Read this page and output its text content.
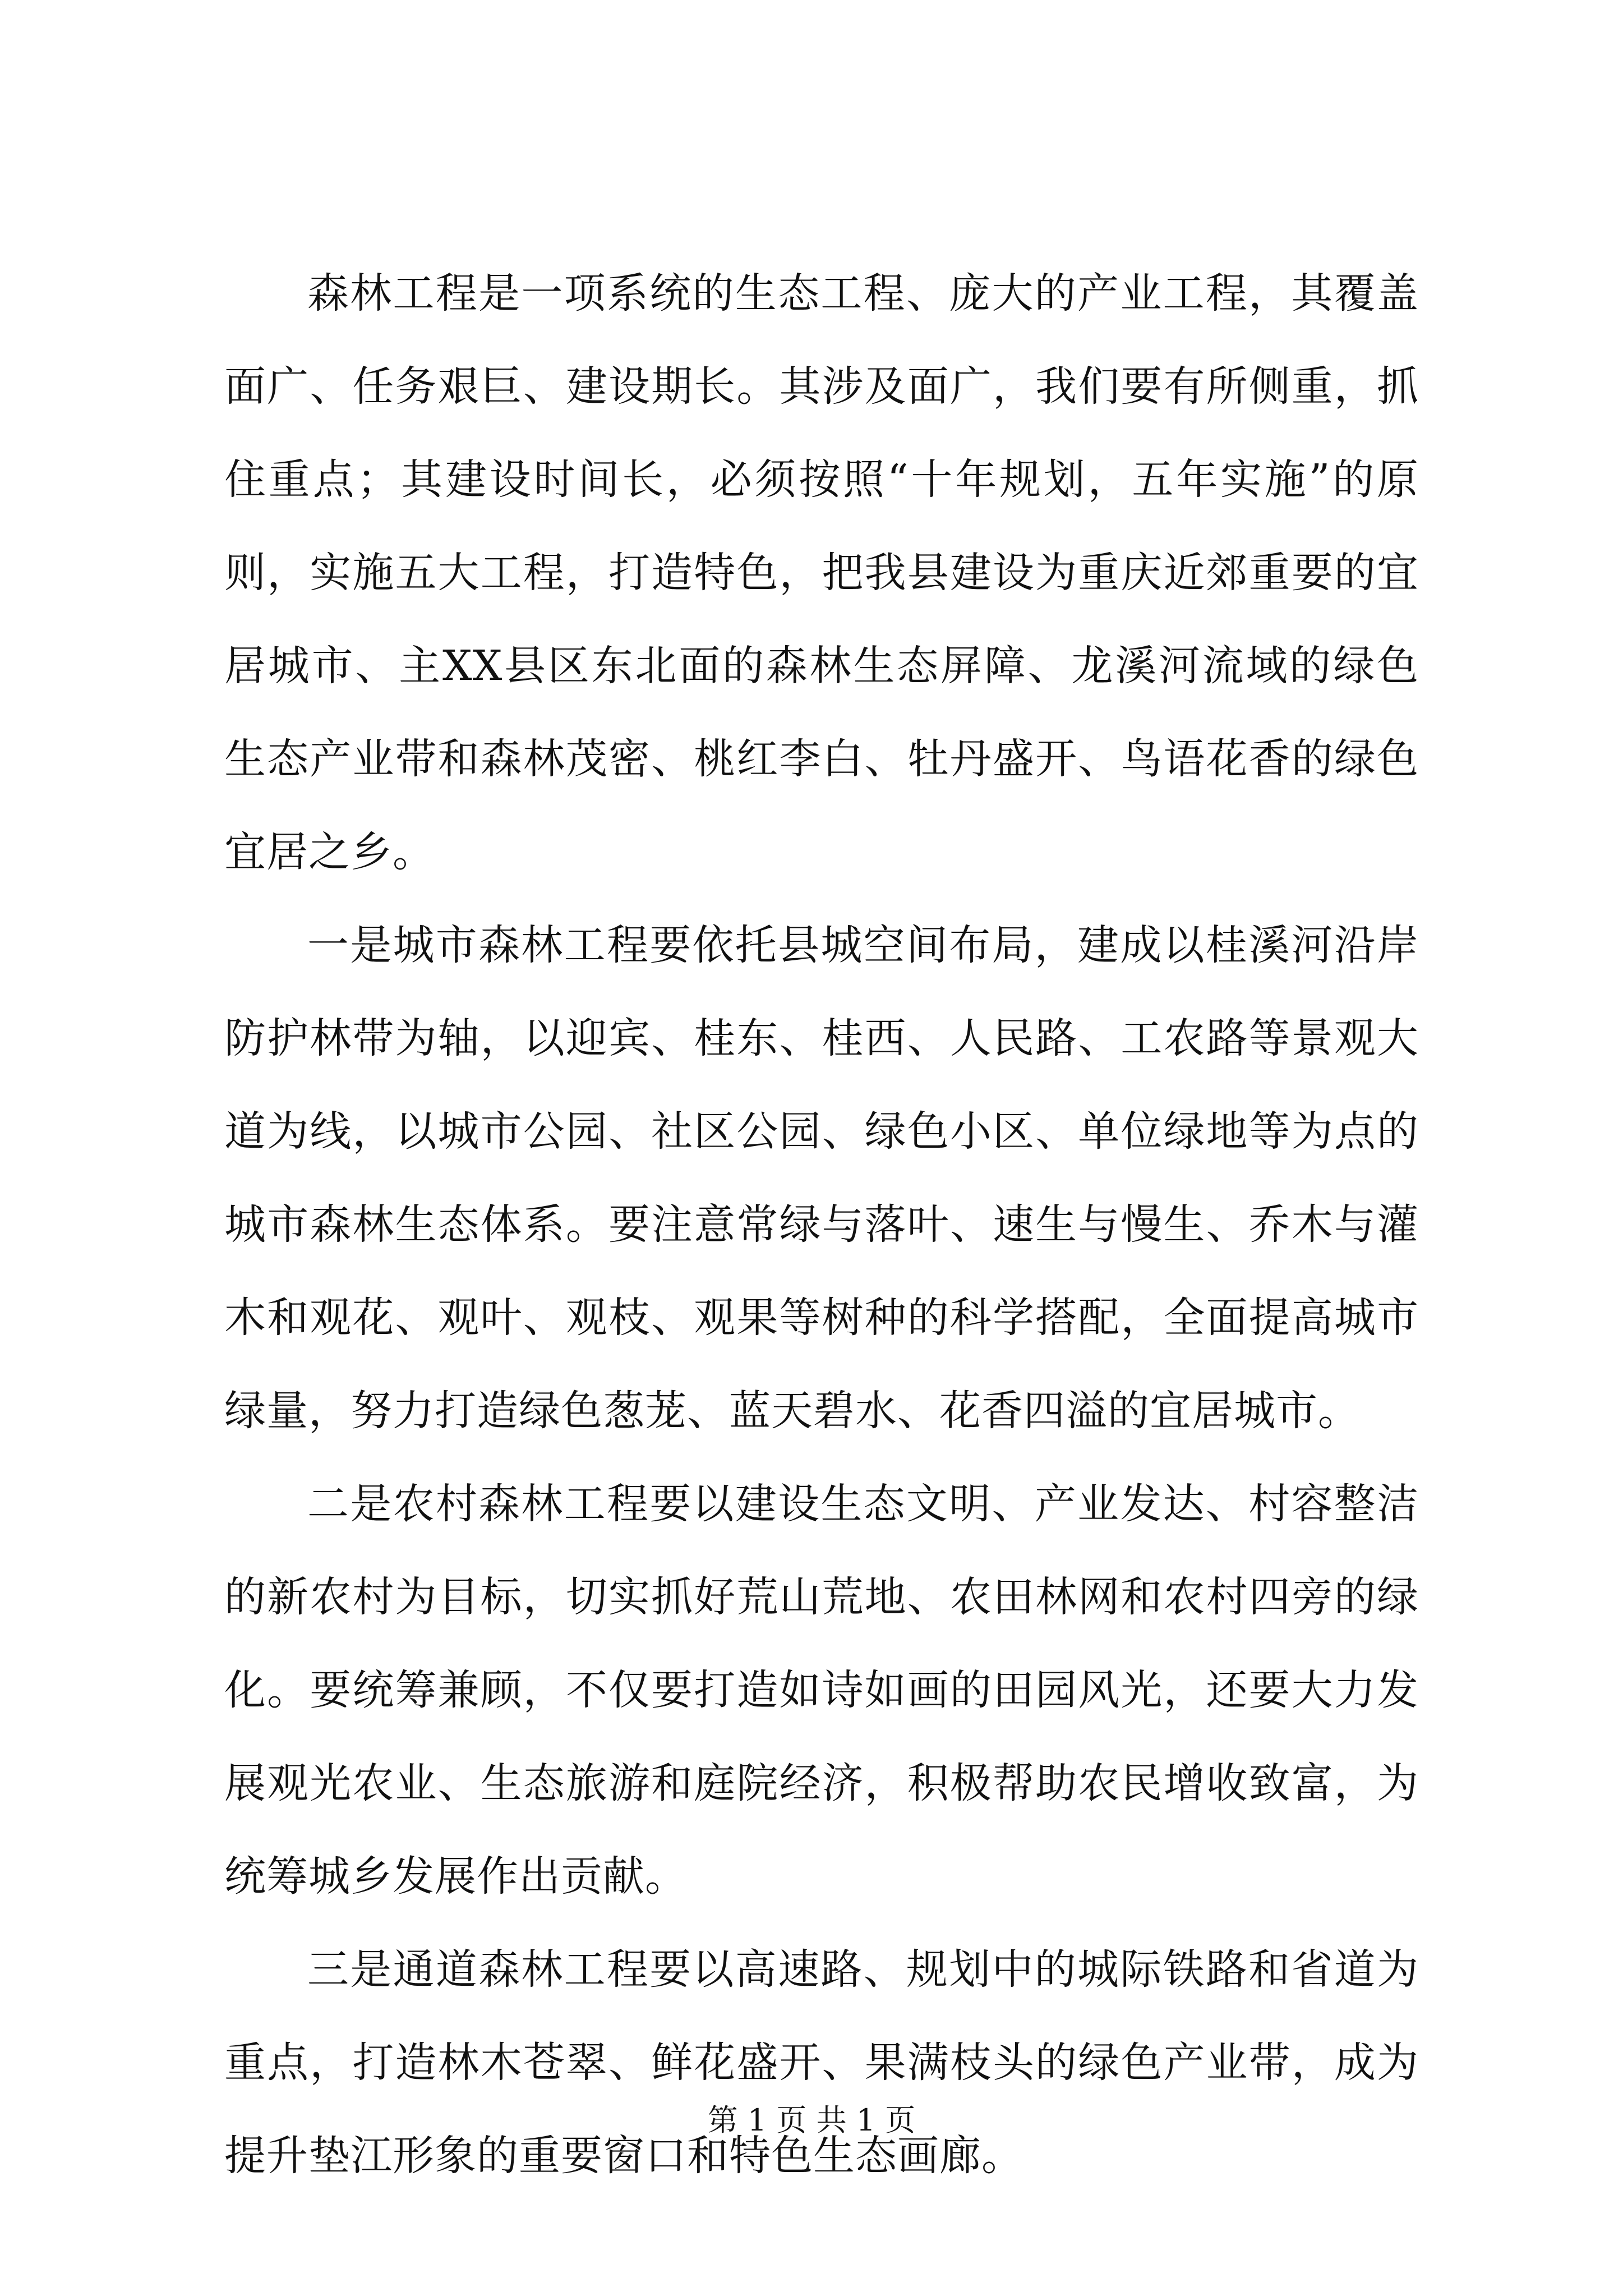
森林工程是一项系统的生态工程、庞大的产业工程，其覆盖面广、任务艰巨、建设期长。其涉及面广，我们要有所侧重，抓住重点；其建设时间长，必须按照“十年规划，五年实施”的原则，实施五大工程，打造特色，把我县建设为重庆近郊重要的宜居城市、主XX县区东北面的森林生态屏障、龙溪河流域的绿色生态产业带和森林茂密、桃红李白、牡丹盛开、鸟语花香的绿色宜居之乡。

一是城市森林工程要依托县城空间布局，建成以桂溪河沿岸防护林带为轴，以迎宾、桂东、桂西、人民路、工农路等景观大道为线，以城市公园、社区公园、绿色小区、单位绿地等为点的城市森林生态体系。要注意常绿与落叶、速生与慢生、乔木与灌木和观花、观叶、观枝、观果等树种的科学搭配，全面提高城市绿量，努力打造绿色葱茏、蓝天碧水、花香四溢的宜居城市。

二是农村森林工程要以建设生态文明、产业发达、村容整洁的新农村为目标，切实抓好荒山荒地、农田林网和农村四旁的绿化。要统筹兼顾，不仅要打造如诗如画的田园风光，还要大力发展观光农业、生态旅游和庭院经济，积极帮助农民增收致富，为统筹城乡发展作出贡献。

三是通道森林工程要以高速路、规划中的城际铁路和省道为重点，打造林木苍翠、鲜花盛开、果满枝头的绿色产业带，成为提升垫江形象的重要窗口和特色生态画廊。

第 1 页 共 1 页
